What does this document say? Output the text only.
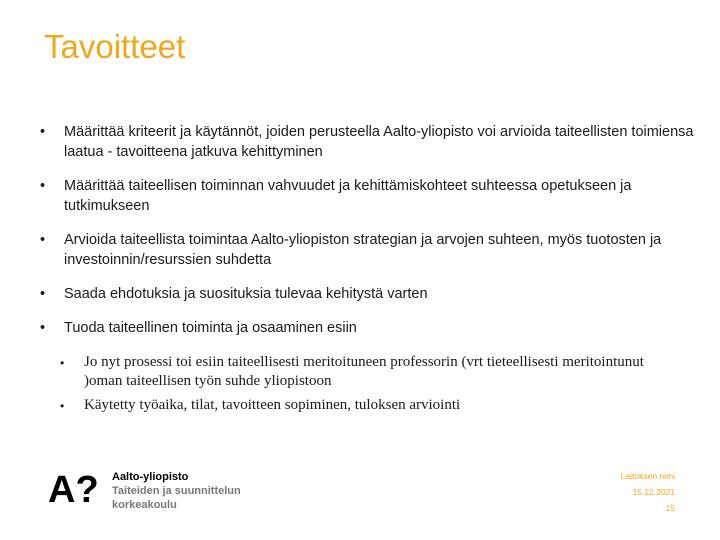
Tavoitteet
• Määrittää kriteerit ja käytännöt, joiden perusteella Aalto-yliopisto voi arvioida taiteellisten toimiensa laatua - tavoitteena jatkuva kehittyminen
• Määrittää taiteellisen toiminnan vahvuudet ja kehittämiskohteet suhteessa opetukseen ja tutkimukseen
• Arvioida taiteellista toimintaa Aalto-yliopiston strategian ja arvojen suhteen, myös tuotosten ja investoinnin/resurssien suhdetta
• Saada ehdotuksia ja suosituksia tulevaa kehitystä varten
• Tuoda taiteellinen toiminta ja osaaminen esiin
•	Jo nyt prosessi toi esiin taiteellisesti meritoituneen professorin (vrt tieteellisesti meritointunut )oman taiteellisen työn suhde yliopistoon
•	Käytetty työaika, tilat, tavoitteen sopiminen, tuloksen arviointi
A? Aalto-yliopisto
Taiteiden ja suunnittelun
korkeakoulu
Laitoksen nimi
15.12.2021
15
